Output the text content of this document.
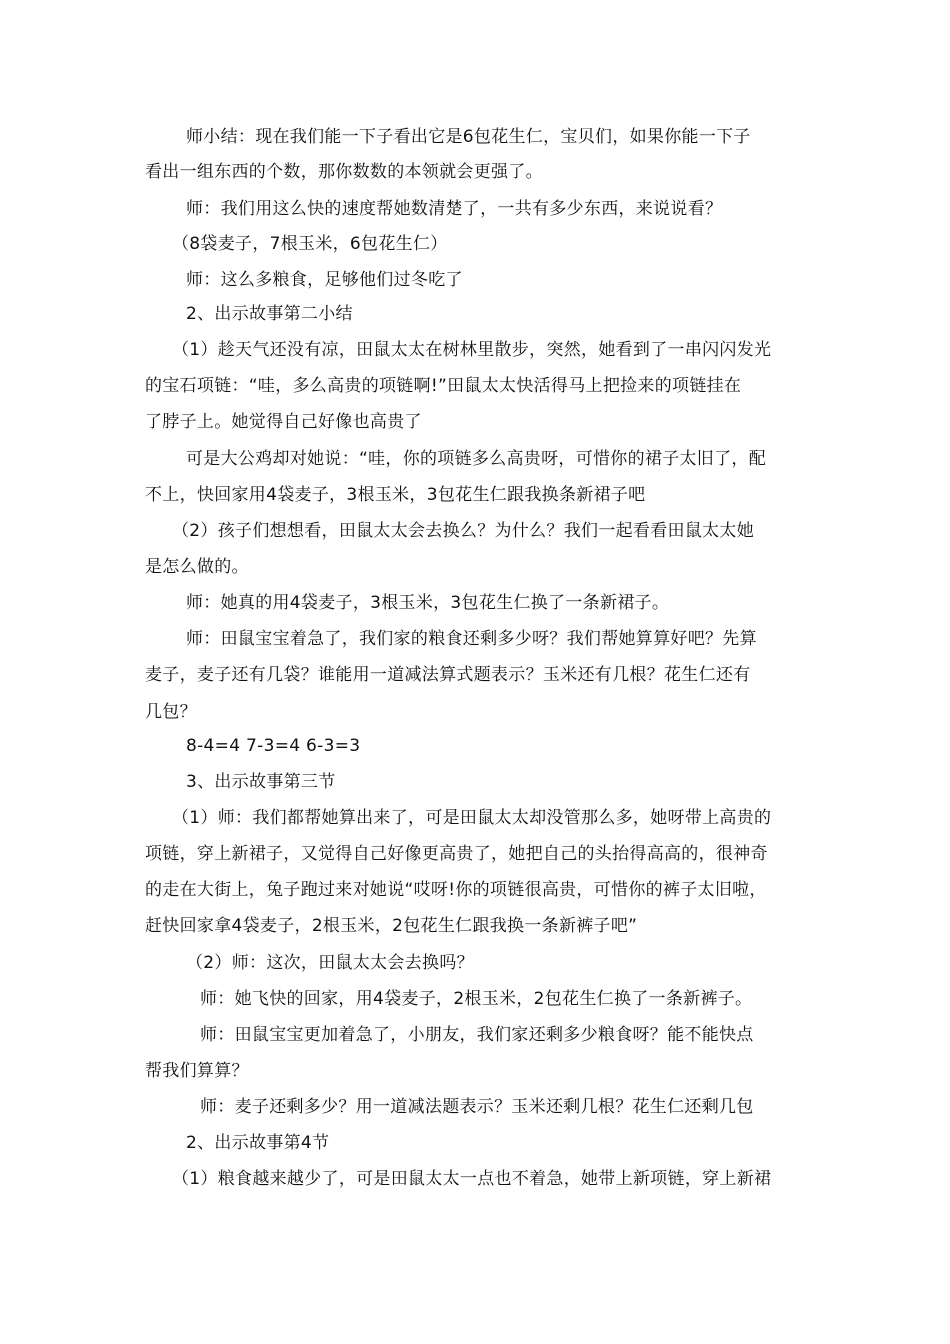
师小结：现在我们能一下子看出它是6包花生仁，宝贝们，如果你能一下子
看出一组东西的个数，那你数数的本领就会更强了。
师：我们用这么快的速度帮她数清楚了，一共有多少东西，来说说看？
（8袋麦子，7根玉米，6包花生仁）
师：这么多粮食，足够他们过冬吃了
2、出示故事第二小结
（1）趁天气还没有凉，田鼠太太在树林里散步，突然，她看到了一串闪闪发光
的宝石项链：“哇，多么高贵的项链啊!”田鼠太太快活得马上把捡来的项链挂在
了脖子上。她觉得自己好像也高贵了
可是大公鸡却对她说：“哇，你的项链多么高贵呀，可惜你的裙子太旧了，配
不上，快回家用4袋麦子，3根玉米，3包花生仁跟我换条新裙子吧
（2）孩子们想想看，田鼠太太会去换么？为什么？我们一起看看田鼠太太她
是怎么做的。
师：她真的用4袋麦子，3根玉米，3包花生仁换了一条新裙子。
师：田鼠宝宝着急了，我们家的粮食还剩多少呀？我们帮她算算好吧？先算
麦子，麦子还有几袋？谁能用一道减法算式题表示？玉米还有几根？花生仁还有
几包？
8-4=4 7-3=4 6-3=3
3、出示故事第三节
（1）师：我们都帮她算出来了，可是田鼠太太却没管那么多，她呀带上高贵的
项链，穿上新裙子，又觉得自己好像更高贵了，她把自己的头抬得高高的，很神奇
的走在大街上，兔子跑过来对她说“哎呀!你的项链很高贵，可惜你的裤子太旧啦，
赶快回家拿4袋麦子，2根玉米，2包花生仁跟我换一条新裤子吧”
（2）师：这次，田鼠太太会去换吗？
师：她飞快的回家，用4袋麦子，2根玉米，2包花生仁换了一条新裤子。
师：田鼠宝宝更加着急了，小朋友，我们家还剩多少粮食呀？能不能快点
帮我们算算？
师：麦子还剩多少？用一道减法题表示？玉米还剩几根？花生仁还剩几包
2、出示故事第4节
（1）粮食越来越少了，可是田鼠太太一点也不着急，她带上新项链，穿上新裙
